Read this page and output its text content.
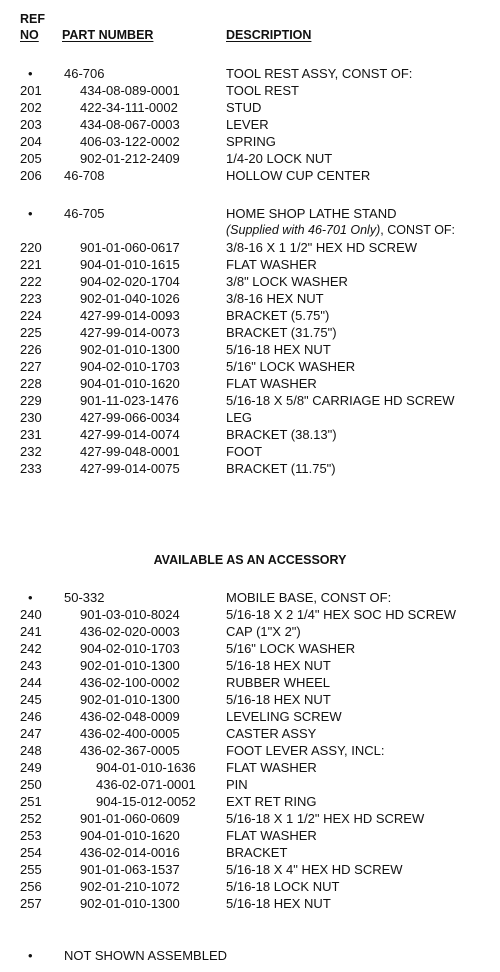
REF
NO PART NUMBER	DESCRIPTION
• 46-706	TOOL REST ASSY, CONST OF:
201	434-08-089-0001	TOOL REST
202	422-34-111-0002	STUD
203	434-08-067-0003	LEVER
204	406-03-122-0002	SPRING
205	902-01-212-2409	1/4-20 LOCK NUT
206 46-708	HOLLOW CUP CENTER
• 46-705	HOME SHOP LATHE STAND
(Supplied with 46-701 Only), CONST OF:
220	901-01-060-0617	3/8-16 X 1 1/2" HEX HD SCREW
221	904-01-010-1615	FLAT WASHER
222	904-02-020-1704	3/8" LOCK WASHER
223	902-01-040-1026	3/8-16 HEX NUT
224	427-99-014-0093	BRACKET (5.75")
225	427-99-014-0073	BRACKET (31.75")
226	902-01-010-1300	5/16-18 HEX NUT
227	904-02-010-1703	5/16" LOCK WASHER
228	904-01-010-1620	FLAT WASHER
229	901-11-023-1476	5/16-18 X 5/8" CARRIAGE HD SCREW
230	427-99-066-0034	LEG
231	427-99-014-0074	BRACKET (38.13")
232	427-99-048-0001	FOOT
233	427-99-014-0075	BRACKET (11.75")
AVAILABLE AS AN ACCESSORY
• 50-332	MOBILE BASE, CONST OF:
240	901-03-010-8024	5/16-18 X 2 1/4" HEX SOC HD SCREW
241	436-02-020-0003	CAP (1"X 2")
242	904-02-010-1703	5/16" LOCK WASHER
243	902-01-010-1300	5/16-18 HEX NUT
244	436-02-100-0002	RUBBER WHEEL
245	902-01-010-1300	5/16-18 HEX NUT
246	436-02-048-0009	LEVELING SCREW
247	436-02-400-0005	CASTER ASSY
248	436-02-367-0005	FOOT LEVER ASSY, INCL:
249	904-01-010-1636 FLAT WASHER
250	436-02-071-0001 PIN
251	904-15-012-0052 EXT RET RING
252	901-01-060-0609	5/16-18 X 1 1/2" HEX HD SCREW
253	904-01-010-1620	FLAT WASHER
254	436-02-014-0016	BRACKET
255	901-01-063-1537	5/16-18 X 4" HEX HD SCREW
256	902-01-210-1072	5/16-18 LOCK NUT
257	902-01-010-1300	5/16-18 HEX NUT
• NOT SHOWN ASSEMBLED
